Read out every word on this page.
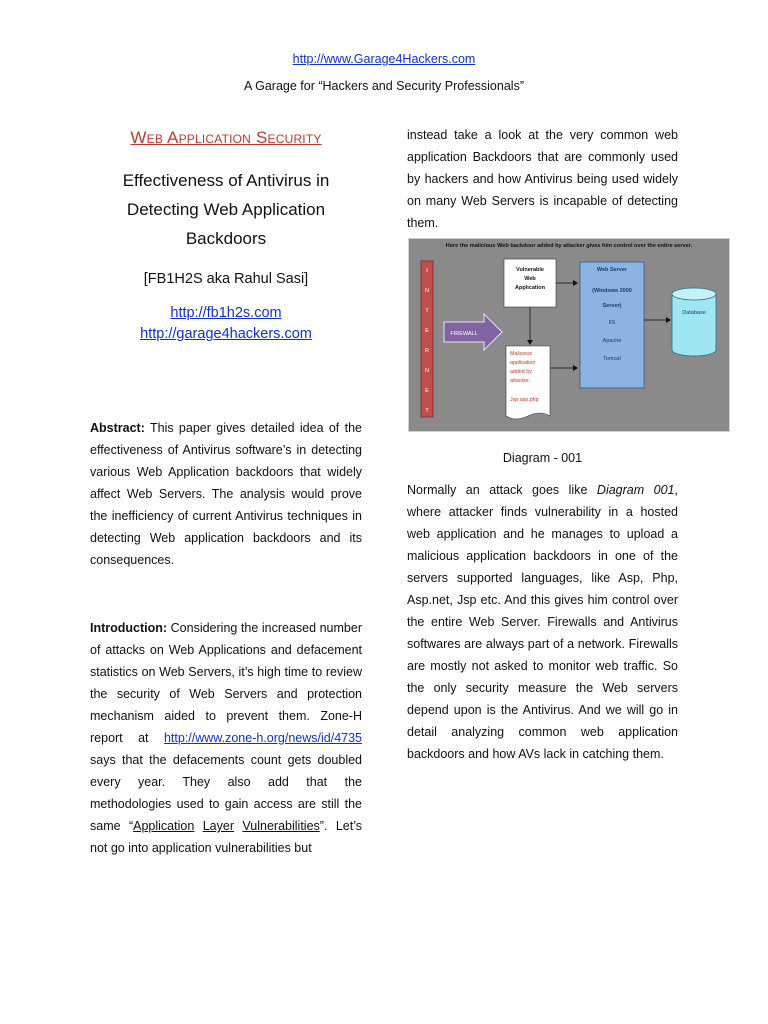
http://www.Garage4Hackers.com
A Garage for “Hackers and Security Professionals”
Web Application Security
Effectiveness of Antivirus in
Detecting Web Application
Backdoors
[FB1H2S aka Rahul Sasi]
http://fb1h2s.com
http://garage4hackers.com

Abstract: This paper gives detailed idea of the effectiveness of Antivirus software’s in detecting various Web Application backdoors that widely affect Web Servers. The analysis would prove the inefficiency of current Antivirus techniques in detecting Web application backdoors and its consequences.

Introduction: Considering the increased number of attacks on Web Applications and defacement statistics on Web Servers, it’s high time to review the security of Web Servers and protection mechanism aided to prevent them. Zone-H report at http://www.zone-h.org/news/id/4735 says that the defacements count gets doubled every year. They also add that the methodologies used to gain access are still the same “Application Layer Vulnerabilities”. Let’s not go into application vulnerabilities but

instead take a look at the very common web application Backdoors that are commonly used by hackers and how Antivirus being used widely on many Web Servers is incapable of detecting them.

Here the malicious Web backdoor added by attacker gives him control over the entire server.
I
N
T
E
R
N
E
T
FIREWALL
Vulnerable
Web
Application
Malicious
application
added by
attacker.
Jsp,asp,php
Web Server
(Windows 2000
Server)
IIS
Apache
Tomcat
Database
Diagram - 001

Normally an attack goes like Diagram 001, where attacker finds vulnerability in a hosted web application and he manages to upload a malicious application backdoors in one of the servers supported languages, like Asp, Php, Asp.net, Jsp etc. And this gives him control over the entire Web Server. Firewalls and Antivirus softwares are always part of a network. Firewalls are mostly not asked to monitor web traffic. So the only security measure the Web servers depend upon is the Antivirus. And we will go in detail analyzing common web application backdoors and how AVs lack in catching them.
